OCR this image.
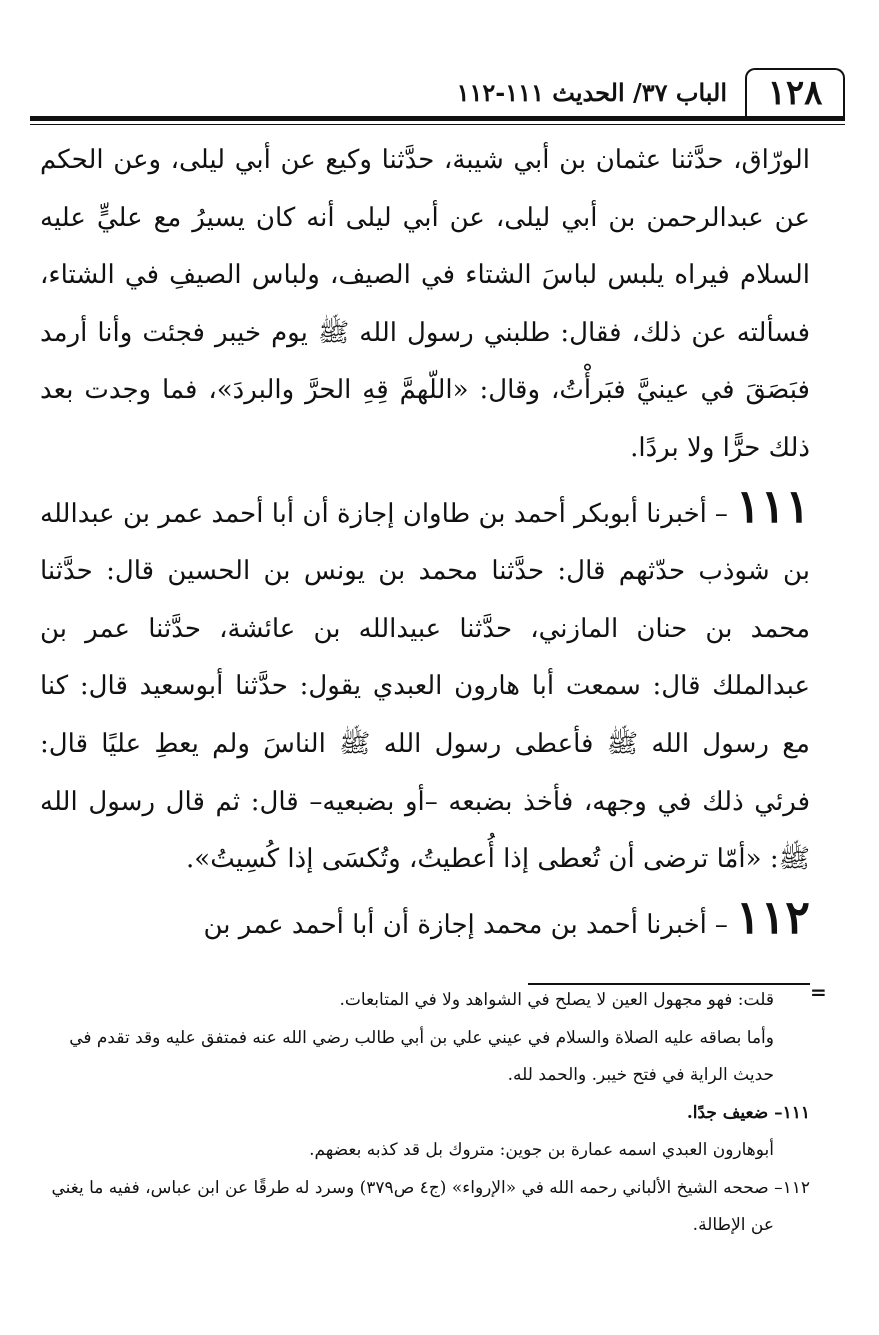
١٢٨
الباب ٣٧/ الحديث ١١١-١١٢

الورّاق، حدَّثنا عثمان بن أبي شيبة، حدَّثنا وكيع عن أبي ليلى، وعن الحكم عن عبدالرحمن بن أبي ليلى، عن أبي ليلى أنه كان يسيرُ مع عليٍّ عليه السلام فيراه يلبس لباسَ الشتاء في الصيف، ولباس الصيفِ في الشتاء، فسألته عن ذلك، فقال: طلبني رسول الله ﷺ يوم خيبر فجئت وأنا أرمد فبَصَقَ في عينيَّ فبَرأْتُ، وقال: «اللّهمَّ قِهِ الحرَّ والبردَ»، فما وجدت بعد ذلك حرًّا ولا بردًا.

١١١–أخبرنا أبوبكر أحمد بن طاوان إجازة أن أبا أحمد عمر بن عبدالله بن شوذب حدّثهم قال: حدَّثنا محمد بن يونس بن الحسين قال: حدَّثنا محمد بن حنان المازني، حدَّثنا عبيدالله بن عائشة، حدَّثنا عمر بن عبدالملك قال: سمعت أبا هارون العبدي يقول: حدَّثنا أبوسعيد قال: كنا مع رسول الله ﷺ فأعطى رسول الله ﷺ الناسَ ولم يعطِ عليًا قال: فرئي ذلك في وجهه، فأخذ بضبعه –أو بضبعيه– قال: ثم قال رسول الله ﷺ: «أمّا ترضى أن تُعطى إذا أُعطيتُ، وتُكسَى إذا كُسِيتُ».

١١٢–أخبرنا أحمد بن محمد إجازة أن أبا أحمد عمر بن

=

قلت: فهو مجهول العين لا يصلح في الشواهد ولا في المتابعات.

وأما بصاقه عليه الصلاة والسلام في عيني علي بن أبي طالب رضي الله عنه فمتفق عليه وقد تقدم في حديث الراية في فتح خيبر. والحمد لله.

١١١– ضعيف جدًا.

أبوهارون العبدي اسمه عمارة بن جوين: متروك بل قد كذبه بعضهم.

١١٢– صححه الشيخ الألباني رحمه الله في «الإرواء» (ج٤ ص٣٧٩) وسرد له طرقًا عن ابن عباس، ففيه ما يغني عن الإطالة.
